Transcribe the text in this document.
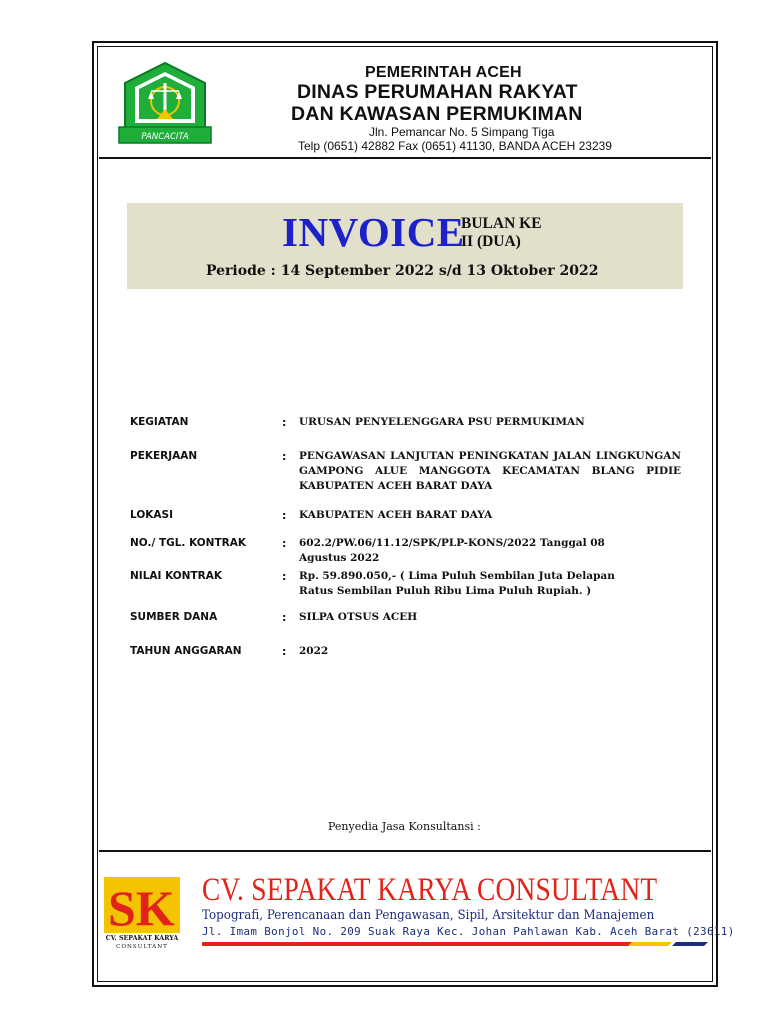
PANCACITA
PEMERINTAH ACEH
DINAS PERUMAHAN RAKYAT
DAN KAWASAN PERMUKIMAN
Jln. Pemancar No. 5 Simpang Tiga
Telp (0651) 42882 Fax (0651) 41130, BANDA ACEH 23239
INVOICE
BULAN KE
II (DUA)
Periode : 14 September 2022 s/d 13 Oktober 2022
KEGIATAN	: URUSAN PENYELENGGARA PSU PERMUKIMAN
PEKERJAAN	: PENGAWASAN LANJUTAN PENINGKATAN JALAN LINGKUNGAN GAMPONG ALUE MANGGOTA KECAMATAN BLANG PIDIE KABUPATEN ACEH BARAT DAYA
LOKASI	: KABUPATEN ACEH BARAT DAYA
NO./ TGL. KONTRAK	: 602.2/PW.06/11.12/SPK/PLP-KONS/2022 Tanggal 08 Agustus 2022
NILAI KONTRAK	: Rp. 59.890.050,- ( Lima Puluh Sembilan Juta Delapan Ratus Sembilan Puluh Ribu Lima Puluh Rupiah. )
SUMBER DANA	: SILPA OTSUS ACEH
TAHUN ANGGARAN	: 2022
Penyedia Jasa Konsultansi :
SK
CV. SEPAKAT KARYA
CONSULTANT
CV. SEPAKAT KARYA CONSULTANT
Topografi, Perencanaan dan Pengawasan, Sipil, Arsitektur dan Manajemen
Jl. Imam Bonjol No. 209 Suak Raya Kec. Johan Pahlawan Kab. Aceh Barat (23611)
